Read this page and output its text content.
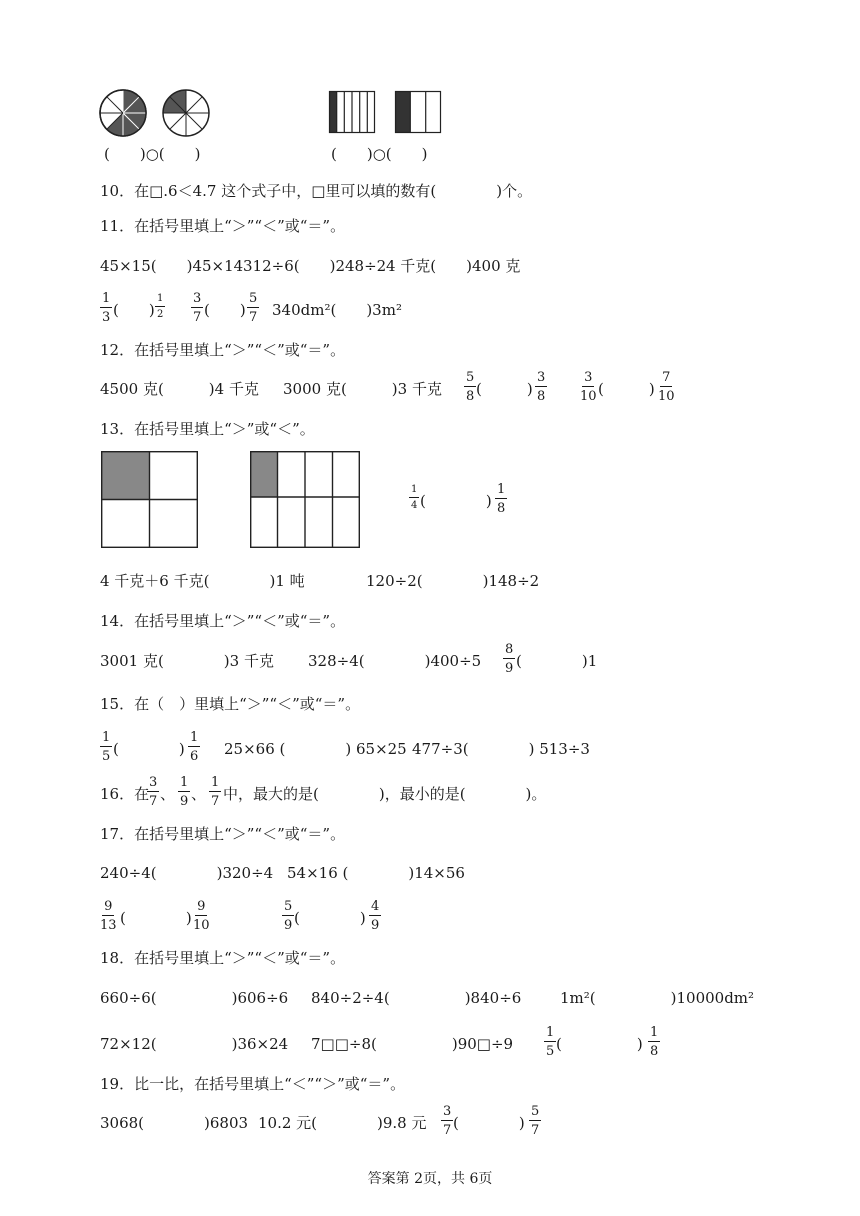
(　　)○(　　)	(　　)○(　　)
10．在□.6＜4.7 这个式子中，□里可以填的数有(　　　　)个。
11．在括号里填上“＞”“＜”或“＝”。
45×15(　　)45×14 312÷6(　　)248÷2 4 千克(　　)400 克
$\frac{1}{3}$ (　　) $\frac{1}{2} \frac{3}{7}$ (　　) $\frac{5}{7} 340dm^2$(　　)3m²
12．在括号里填上“＞”“＜”或“＝”。
4500 克(　　　)4 千克 3000 克(　　　)3 千克 $\frac{5}{8}$ (　　　) $\frac{3}{8}$	$\frac{3}{10}$ (　　　) $\frac{7}{10}$
13．在括号里填上“＞”或“＜”。
$\frac{1}{4}$ (　　　　) $\frac{1}{8}$
4 千克＋6 千克(　　　　)1 吨	120÷2(　　　　)148÷2
14．在括号里填上“＞”“＜”或“＝”。
3001 克(　　　　)3 千克 328÷4(　　　　)$400\div 5 \frac{8}{9}$ (　　　　)1
15．在（　）里填上“＞”“＜”或“＝”。
$\frac{1}{5}$ (　　　　) $\frac{1}{6} 25\times 66$ (　　　　) 65×25 477÷3(　　　　) 513÷3
16．在
$\frac{3}{7}$ 、 $\frac{1}{9}$ 、 $\frac{1}{7}$ 中，最大的是(　　　　)，最小的是(　　　　)。
17．在括号里填上“＞”“＜”或“＝”。
240÷4(　　　　)320÷4 54×16 (　　　　)14×56
$\frac{9}{13}$ (　　　　) $\frac{9}{10}$	$\frac{5}{9}$ (　　　　) $\frac{4}{9}$
18．在括号里填上“＞”“＜”或“＝”。
660÷6(　　　　　)606÷6 840÷2÷4(　　　　　)840÷6	1m²(　　　　　)10000dm²
72×12(　　　　　)36×24 7□□÷8(　　　　　)90□÷9 $\frac{1}{5}$ (　　　　　) $\frac{1}{8}$
19．比一比，在括号里填上“＜”“＞”或“＝”。
3068(　　　　)6803 10.2 元(　　　　)9.8 元 $\frac{3}{7}$ (　　　　) $\frac{5}{7}$
答案第 2页，共 6页
